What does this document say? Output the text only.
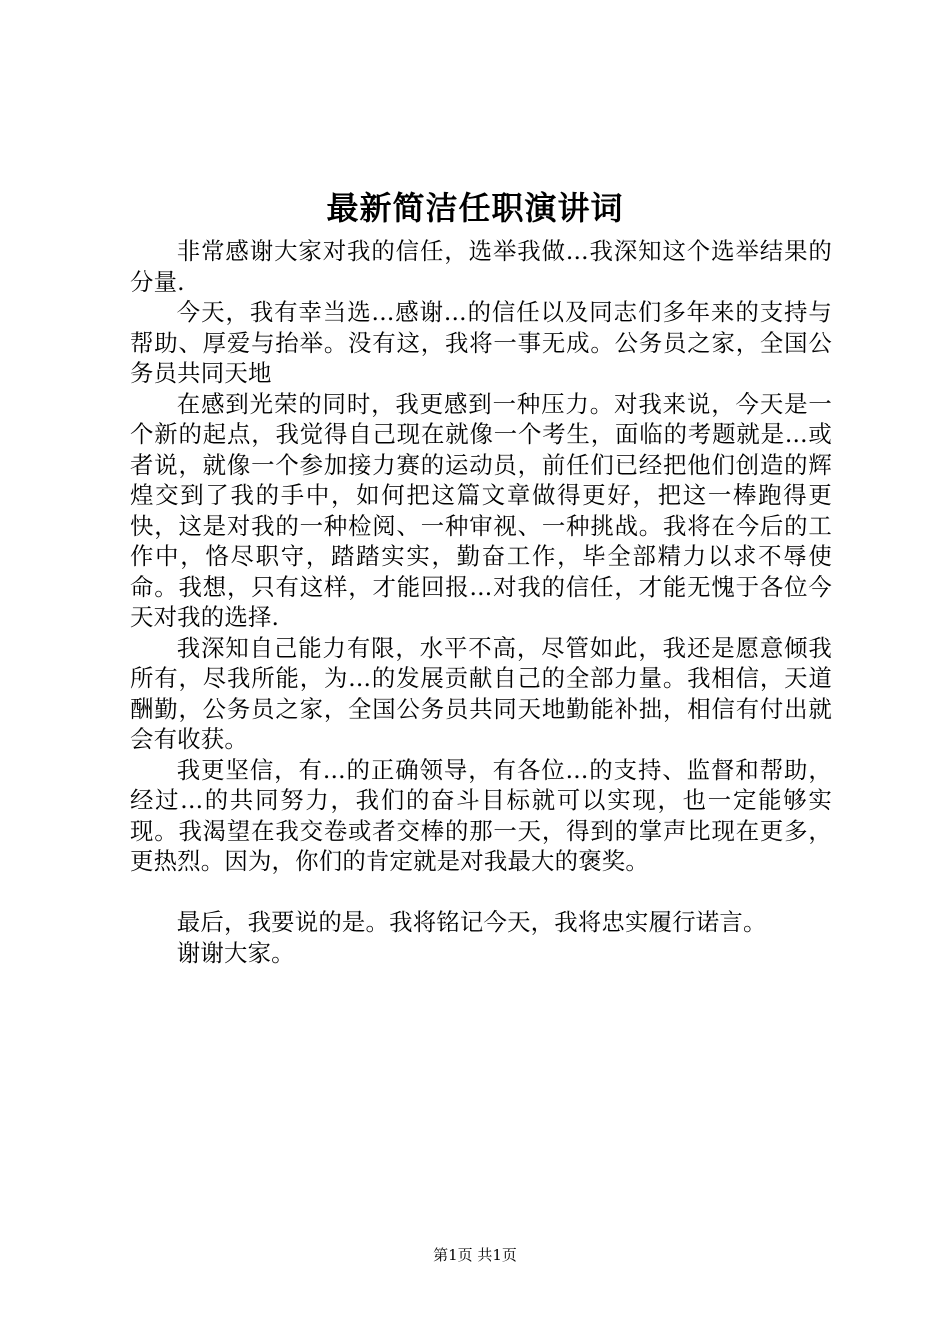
最新简洁任职演讲词

非常感谢大家对我的信任，选举我做...我深知这个选举结果的分量.

今天，我有幸当选...感谢...的信任以及同志们多年来的支持与帮助、厚爱与抬举。没有这，我将一事无成。公务员之家，全国公务员共同天地

在感到光荣的同时，我更感到一种压力。对我来说，今天是一个新的起点，我觉得自己现在就像一个考生，面临的考题就是...或者说，就像一个参加接力赛的运动员，前任们已经把他们创造的辉煌交到了我的手中，如何把这篇文章做得更好，把这一棒跑得更快，这是对我的一种检阅、一种审视、一种挑战。我将在今后的工作中，恪尽职守，踏踏实实，勤奋工作，毕全部精力以求不辱使命。我想，只有这样，才能回报...对我的信任，才能无愧于各位今天对我的选择.

我深知自己能力有限，水平不高，尽管如此，我还是愿意倾我所有，尽我所能，为...的发展贡献自己的全部力量。我相信，天道酬勤，公务员之家，全国公务员共同天地勤能补拙，相信有付出就会有收获。

我更坚信，有...的正确领导，有各位...的支持、监督和帮助，经过...的共同努力，我们的奋斗目标就可以实现，也一定能够实现。我渴望在我交卷或者交棒的那一天，得到的掌声比现在更多，更热烈。因为，你们的肯定就是对我最大的褒奖。

最后，我要说的是。我将铭记今天，我将忠实履行诺言。

谢谢大家。

第1页 共1页
